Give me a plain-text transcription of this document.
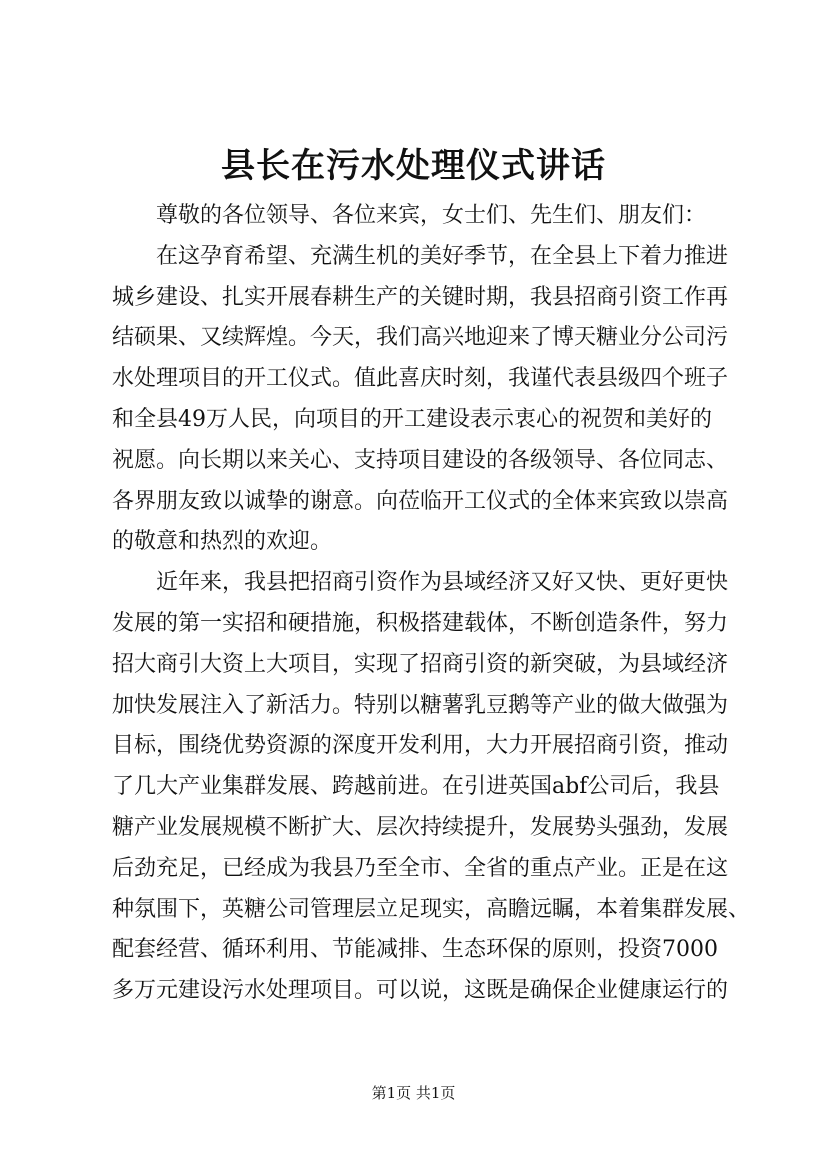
县长在污水处理仪式讲话
尊敬的各位领导、各位来宾，女士们、先生们、朋友们：
在这孕育希望、充满生机的美好季节，在全县上下着力推进
城乡建设、扎实开展春耕生产的关键时期，我县招商引资工作再
结硕果、又续辉煌。今天，我们高兴地迎来了博天糖业分公司污
水处理项目的开工仪式。值此喜庆时刻，我谨代表县级四个班子
和全县49万人民，向项目的开工建设表示衷心的祝贺和美好的
祝愿。向长期以来关心、支持项目建设的各级领导、各位同志、
各界朋友致以诚挚的谢意。向莅临开工仪式的全体来宾致以崇高
的敬意和热烈的欢迎。
近年来，我县把招商引资作为县域经济又好又快、更好更快
发展的第一实招和硬措施，积极搭建载体，不断创造条件，努力
招大商引大资上大项目，实现了招商引资的新突破，为县域经济
加快发展注入了新活力。特别以糖薯乳豆鹅等产业的做大做强为
目标，围绕优势资源的深度开发利用，大力开展招商引资，推动
了几大产业集群发展、跨越前进。在引进英国abf公司后，我县
糖产业发展规模不断扩大、层次持续提升，发展势头强劲，发展
后劲充足，已经成为我县乃至全市、全省的重点产业。正是在这
种氛围下，英糖公司管理层立足现实，高瞻远瞩，本着集群发展、
配套经营、循环利用、节能减排、生态环保的原则，投资7000
多万元建设污水处理项目。可以说，这既是确保企业健康运行的
第1页 共1页
